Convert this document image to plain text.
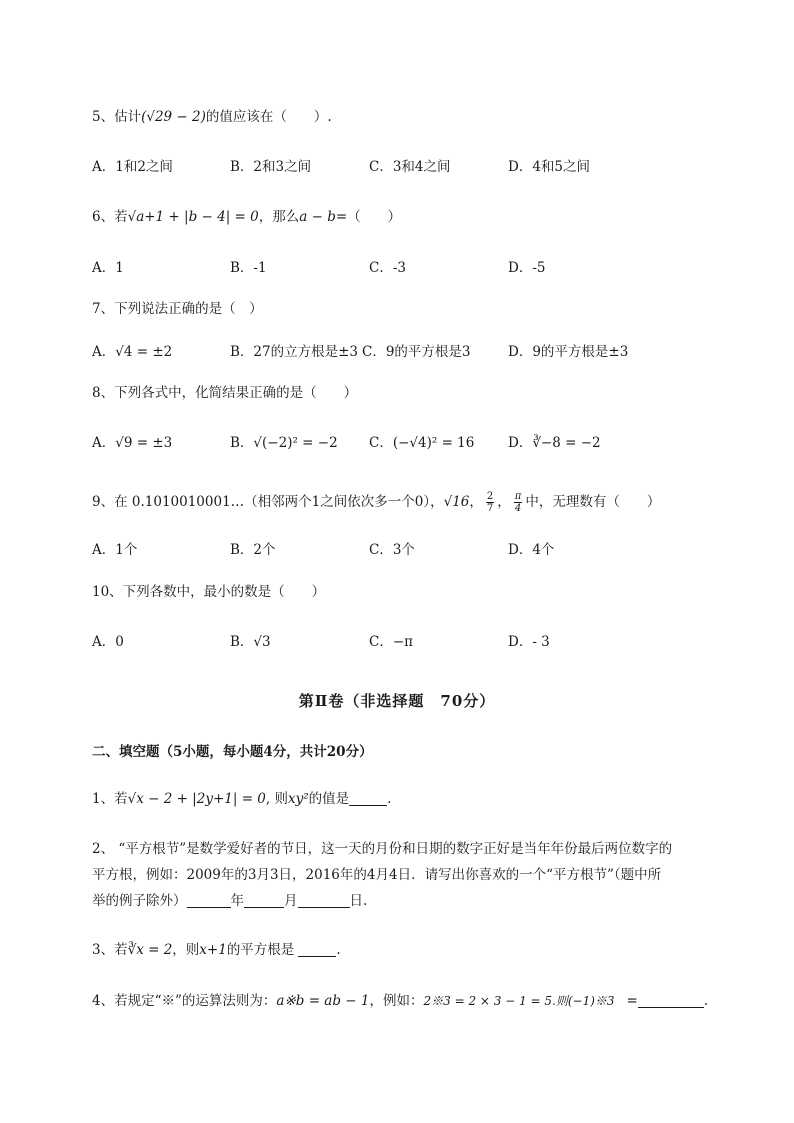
5、估计(√29 − 2)的值应该在（　　）.
A．1和2之间	B．2和3之间	C．3和4之间	D．4和5之间
6、若√a+1 + |b − 4| = 0，那么a − b=（　　）
A．1	B．-1	C．-3	D．-5
7、下列说法正确的是（　）
A．√4 = ±2	B．27的立方根是±3 C．9的平方根是3	D．9的平方根是±3
8、下列各式中，化简结果正确的是（　　）
A．√9 = ±3	B．√(−2)² = −2 C．(−√4)² = 16 D．∛−8 = −2
9、在 0.1010010001…（相邻两个1之间依次多一个0），√16， $\frac{2}{7}$ ， $\frac{\pi}{4}$ 中，无理数有（　　）
A．1个	B．2个	C．3个	D．4个
10、下列各数中，最小的数是（　　）
A．0	B．√3	C．−π	D．- 3
第Ⅱ卷（非选择题　70分）
二、填空题（5小题，每小题4分，共计20分）
1、若√x − 2 + |2y+1| = 0, 则xy²的值是	.
2、 “平方根节”是数学爱好者的节日，这一天的月份和日期的数字正好是当年年份最后两位数字的
平方根，例如：2009年的3月3日，2016年的4月4日．请写出你喜欢的一个“平方根节”（题中所
举的例子除外）	年	月	日.
3、若∛x = 2，则x+1的平方根是	.
4、若规定“※”的运算法则为：a※b = ab − 1，例如：2※3 = 2 × 3 − 1 = 5.则(−1)※3 =	.
